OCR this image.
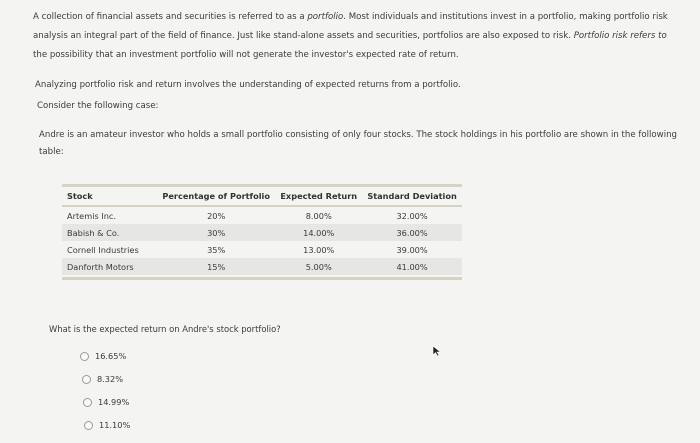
A collection of financial assets and securities is referred to as a portfolio. Most individuals and institutions invest in a portfolio, making portfolio risk analysis an integral part of the field of finance. Just like stand-alone assets and securities, portfolios are also exposed to risk. Portfolio risk refers to the possibility that an investment portfolio will not generate the investor's expected rate of return.
Analyzing portfolio risk and return involves the understanding of expected returns from a portfolio.
Consider the following case:
Andre is an amateur investor who holds a small portfolio consisting of only four stocks. The stock holdings in his portfolio are shown in the following table:
Stock	Percentage of Portfolio	Expected Return	Standard Deviation
Artemis Inc.	20%	8.00%	32.00%
Babish & Co.	30%	14.00%	36.00%
Cornell Industries	35%	13.00%	39.00%
Danforth Motors	15%	5.00%	41.00%
What is the expected return on Andre's stock portfolio?
16.65%
8.32%
14.99%
11.10%
